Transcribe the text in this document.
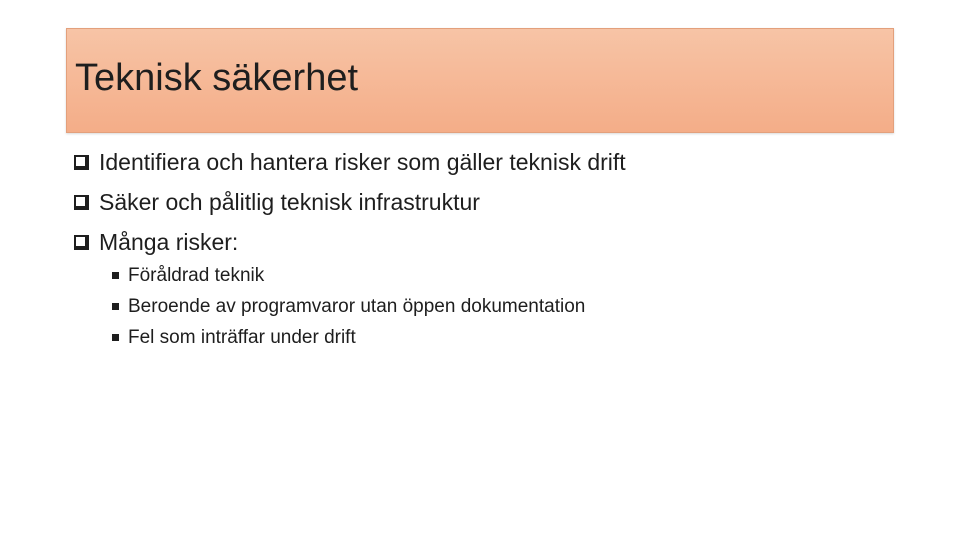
Teknisk säkerhet
Identifiera och hantera risker som gäller teknisk drift
Säker och pålitlig teknisk infrastruktur
Många risker:
Föråldrad teknik
Beroende av programvaror utan öppen dokumentation
Fel som inträffar under drift
